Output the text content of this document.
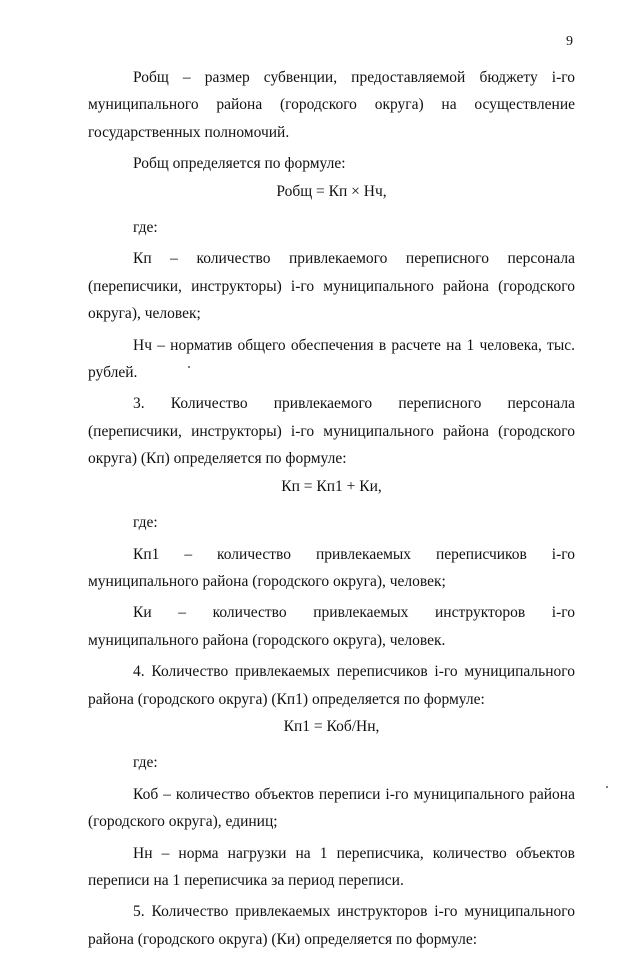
9

Робщ – размер субвенции, предоставляемой бюджету i-го муниципального района (городского округа) на осуществление государственных полномочий.

Робщ определяется по формуле:

Робщ = Кп × Нч,

где:

Кп – количество привлекаемого переписного персонала (переписчики, инструкторы) i-го муниципального района (городского округа), человек;

Нч – норматив общего обеспечения в расчете на 1 человека, тыс. рублей.

3. Количество привлекаемого переписного персонала (переписчики, инструкторы) i-го муниципального района (городского округа) (Кп) определяется по формуле:

Кп = Кп1 + Ки,

где:

Кп1 – количество привлекаемых переписчиков i-го муниципального района (городского округа), человек;

Ки – количество привлекаемых инструкторов i-го муниципального района (городского округа), человек.

4. Количество привлекаемых переписчиков i-го муниципального района (городского округа) (Кп1) определяется по формуле:

Кп1 = Коб/Нн,

где:

Коб – количество объектов переписи i-го муниципального района (городского округа), единиц;

Нн – норма нагрузки на 1 переписчика, количество объектов переписи на 1 переписчика за период переписи.

5. Количество привлекаемых инструкторов i-го муниципального района (городского округа) (Ки) определяется по формуле:
